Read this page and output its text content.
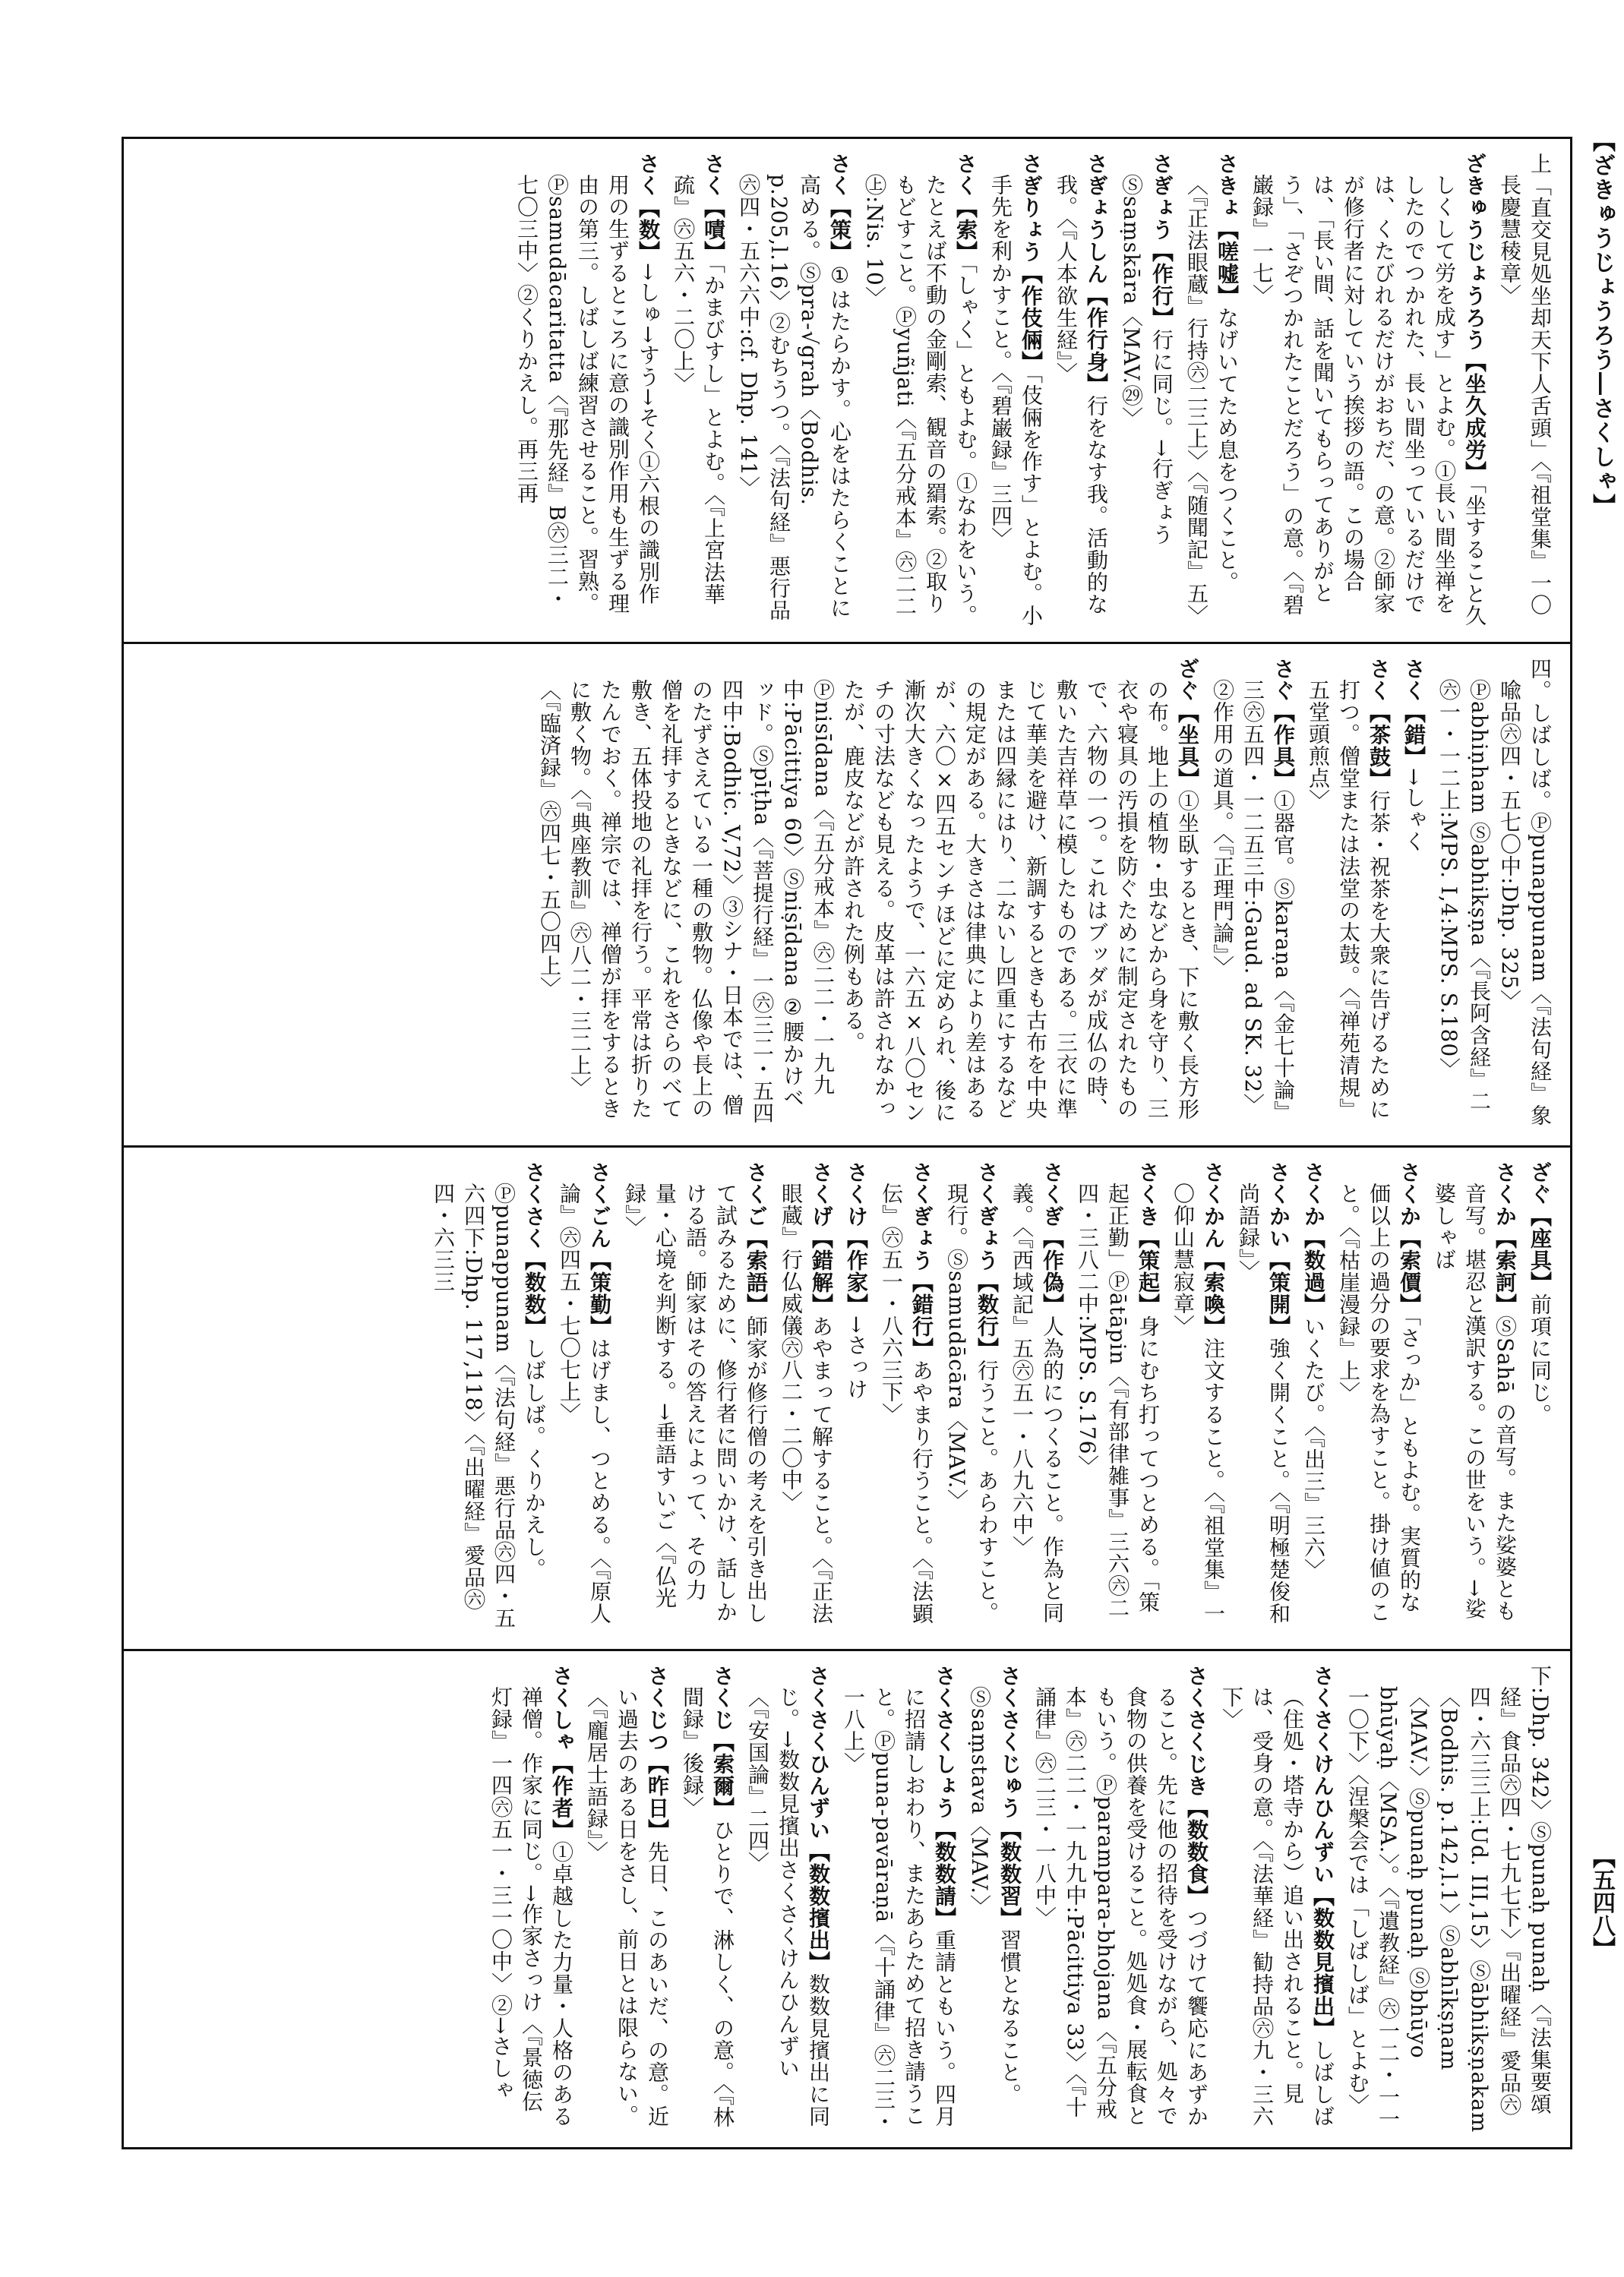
【ざきゅうじょうろう―さくしゃ】
【五四八】
上「直交見処坐却天下人舌頭」〈『祖堂集』一〇長慶慧稜章〉
ざきゅうじょうろう【坐久成労】「坐すること久しくして労を成す」とよむ。①長い間坐禅をしたのでつかれた、長い間坐っているだけでは、くたびれるだけがおちだ、の意。②師家が修行者に対していう挨拶の語。この場合は、「長い間、話を聞いてもらってありがとう」、「さぞつかれたことだろう」の意。〈『碧巌録』一七〉
さきょ【嗟嘘】なげいてため息をつくこと。〈『正法眼蔵』行持㊅二三上〉〈『随聞記』五〉
さぎょう【作行】行に同じ。→行ぎょう Ⓢsaṃskāra〈MAV.㉙〉
さぎょうしん【作行身】行をなす我。活動的な我。〈『人本欲生経』〉
さぎりょう【作伎倆】「伎倆を作す」とよむ。小手先を利かすこと。〈『碧巌録』三四〉
さく【索】「しゃく」ともよむ。①なわをいう。たとえば不動の金剛索、観音の羂索。②取りもどすこと。Ⓟyuñjati〈『五分戒本』㊅二二㊤:Nis. 10〉
さく【策】①はたらかす。心をはたらくことに高める。Ⓢpra-√grah〈Bodhis. p.205,l.16〉②むちうつ。〈『法句経』悪行品㊅四・五六六中:cf. Dhp. 141〉
さく【嘖】「かまびすし」とよむ。〈『上宮法華疏』㊅五六・二〇上〉
さく【数】→しゅ→すう→そく①六根の識別作用の生ずるところに意の識別作用も生ずる理由の第三。しばしば練習させること。習熟。Ⓟsamudācaritatta〈『那先経』B㊅三二・七〇三中〉②くりかえし。再三再
四。しばしば。Ⓟpunappunam〈『法句経』象喩品㊅四・五七〇中:Dhp. 325〉Ⓟabhiṇham Ⓢabhikṣṇa〈『長阿含経』二㊅一・一二上:MPS. I,4:MPS. S.180〉
さく【錯】→しゃく
さく【茶鼓】行茶・祝茶を大衆に告げるために打つ。僧堂または法堂の太鼓。〈『禅苑清規』五堂頭煎点〉
さぐ【作具】①器官。Ⓢkaraṇa〈『金七十論』三㊅五四・一二五三中:Gaud. ad SK. 32〉②作用の道具。〈『正理門論』〉
ざぐ【坐具】①坐臥するとき、下に敷く長方形の布。地上の植物・虫などから身を守り、三衣や寝具の汚損を防ぐために制定されたもので、六物の一つ。これはブッダが成仏の時、敷いた吉祥草に模したものである。三衣に準じて華美を避け、新調するときも古布を中央または四縁にはり、二ないし四重にするなどの規定がある。大きさは律典により差はあるが、六〇×四五センチほどに定められ、後に漸次大きくなったようで、一六五×八〇センチの寸法なども見える。皮革は許されなかったが、鹿皮などが許された例もある。Ⓟnisīdana〈『五分戒本』㊅二二・一九九中:Pācittiya 60〉Ⓢniṣīdana ②腰かけベッド。Ⓢpīṭha〈『菩提行経』一㊅三二・五四四中:Bodhic. V,72〉③シナ・日本では、僧のたずさえている一種の敷物。仏像や長上の僧を礼拝するときなどに、これをさらのべて敷き、五体投地の礼拝を行う。平常は折りたたんでおく。禅宗では、禅僧が拝をするときに敷く物。〈『典座教訓』㊅八二・三二上〉〈『臨済録』㊅四七・五〇四上〉
ざぐ【座具】前項に同じ。
さくか【索訶】ⓈSahā の音写。また娑婆とも音写。堪忍と漢訳する。この世をいう。→娑婆しゃば
さくか【索價】「さっか」ともよむ。実質的な価以上の過分の要求を為すこと。掛け値のこと。〈『枯崖漫録』上〉
さくか【数過】いくたび。〈『出三』三六〉
さくかい【策開】強く開くこと。〈『明極楚俊和尚語録』〉
さくかん【索喚】注文すること。〈『祖堂集』一〇仰山慧寂章〉
さくき【策起】身にむち打ってつとめる。「策起正勤」Ⓟātāpin〈『有部律雑事』三六㊅二四・三八二中:MPS. S.176〉
さくぎ【作偽】人為的につくること。作為と同義。〈『西域記』五㊅五一・八九六中〉
さくぎょう【数行】行うこと。あらわすこと。現行。Ⓢsamudācāra〈MAV.〉
さくぎょう【錯行】あやまり行うこと。〈『法顕伝』㊅五一・八六三下〉
さくけ【作家】→さっけ
さくげ【錯解】あやまって解すること。〈『正法眼蔵』行仏威儀㊅八二・二〇中〉
さくご【索語】師家が修行僧の考えを引き出して試みるために、修行者に問いかけ、話しかける語。師家はその答えによって、その力量・心境を判断する。→垂語すいご〈『仏光録』〉
さくごん【策勤】はげまし、つとめる。〈『原人論』㊅四五・七〇七上〉
さくさく【数数】しばしば。くりかえし。Ⓟpunappunam〈『法句経』悪行品㊅四・五六四下:Dhp. 117,118〉〈『出曜経』愛品㊅四・六三三
下:Dhp. 342〉Ⓢpunaḥ punaḥ〈『法集要頌経』食品㊅四・七九七下〉『出曜経』愛品㊅四・六三三上:Ud. III,15〉Ⓢābhikṣṇakam〈Bodhis. p.142,l.1〉Ⓢabhīkṣṇam〈MAV.〉Ⓢpunaḥ punaḥ Ⓢbhūyo bhūyaḥ〈MSA.〉。〈『遺教経』㊅一二・一一一〇下〉〈涅槃会では「しばしば」とよむ〉
さくさくけんひんずい【数数見擯出】しばしば（住処・塔寺から）追い出されること。見は、受身の意。〈『法華経』勧持品㊅九・三六下〉
さくさくじき【数数食】つづけて饗応にあずかること。先に他の招待を受けながら、処々で食物の供養を受けること。処処食・展転食ともいう。Ⓟparampara-bhojana〈『五分戒本』㊅二二・一九九中:Pācittiya 33〉〈『十誦律』㊅二三・一八中〉
さくさくじゅう【数数習】習慣となること。Ⓢsaṃstava〈MAV.〉
さくさくしょう【数数請】重請ともいう。四月に招請しおわり、またあらためて招き請うこと。Ⓟpuna-pavāraṇā〈『十誦律』㊅二三・一八上〉
さくさくひんずい【数数擯出】数数見擯出に同じ。→数数見擯出さくさくけんひんずい〈『安国論』二四〉
さくじ【索爾】ひとりで、淋しく、の意。〈『林間録』後録〉
さくじつ【昨日】先日、このあいだ、の意。近い過去のある日をさし、前日とは限らない。〈『龐居士語録』〉
さくしゃ【作者】①卓越した力量・人格のある禅僧。作家に同じ。→作家さっけ〈『景徳伝灯録』一四㊅五一・三一〇中〉②→さしゃ
